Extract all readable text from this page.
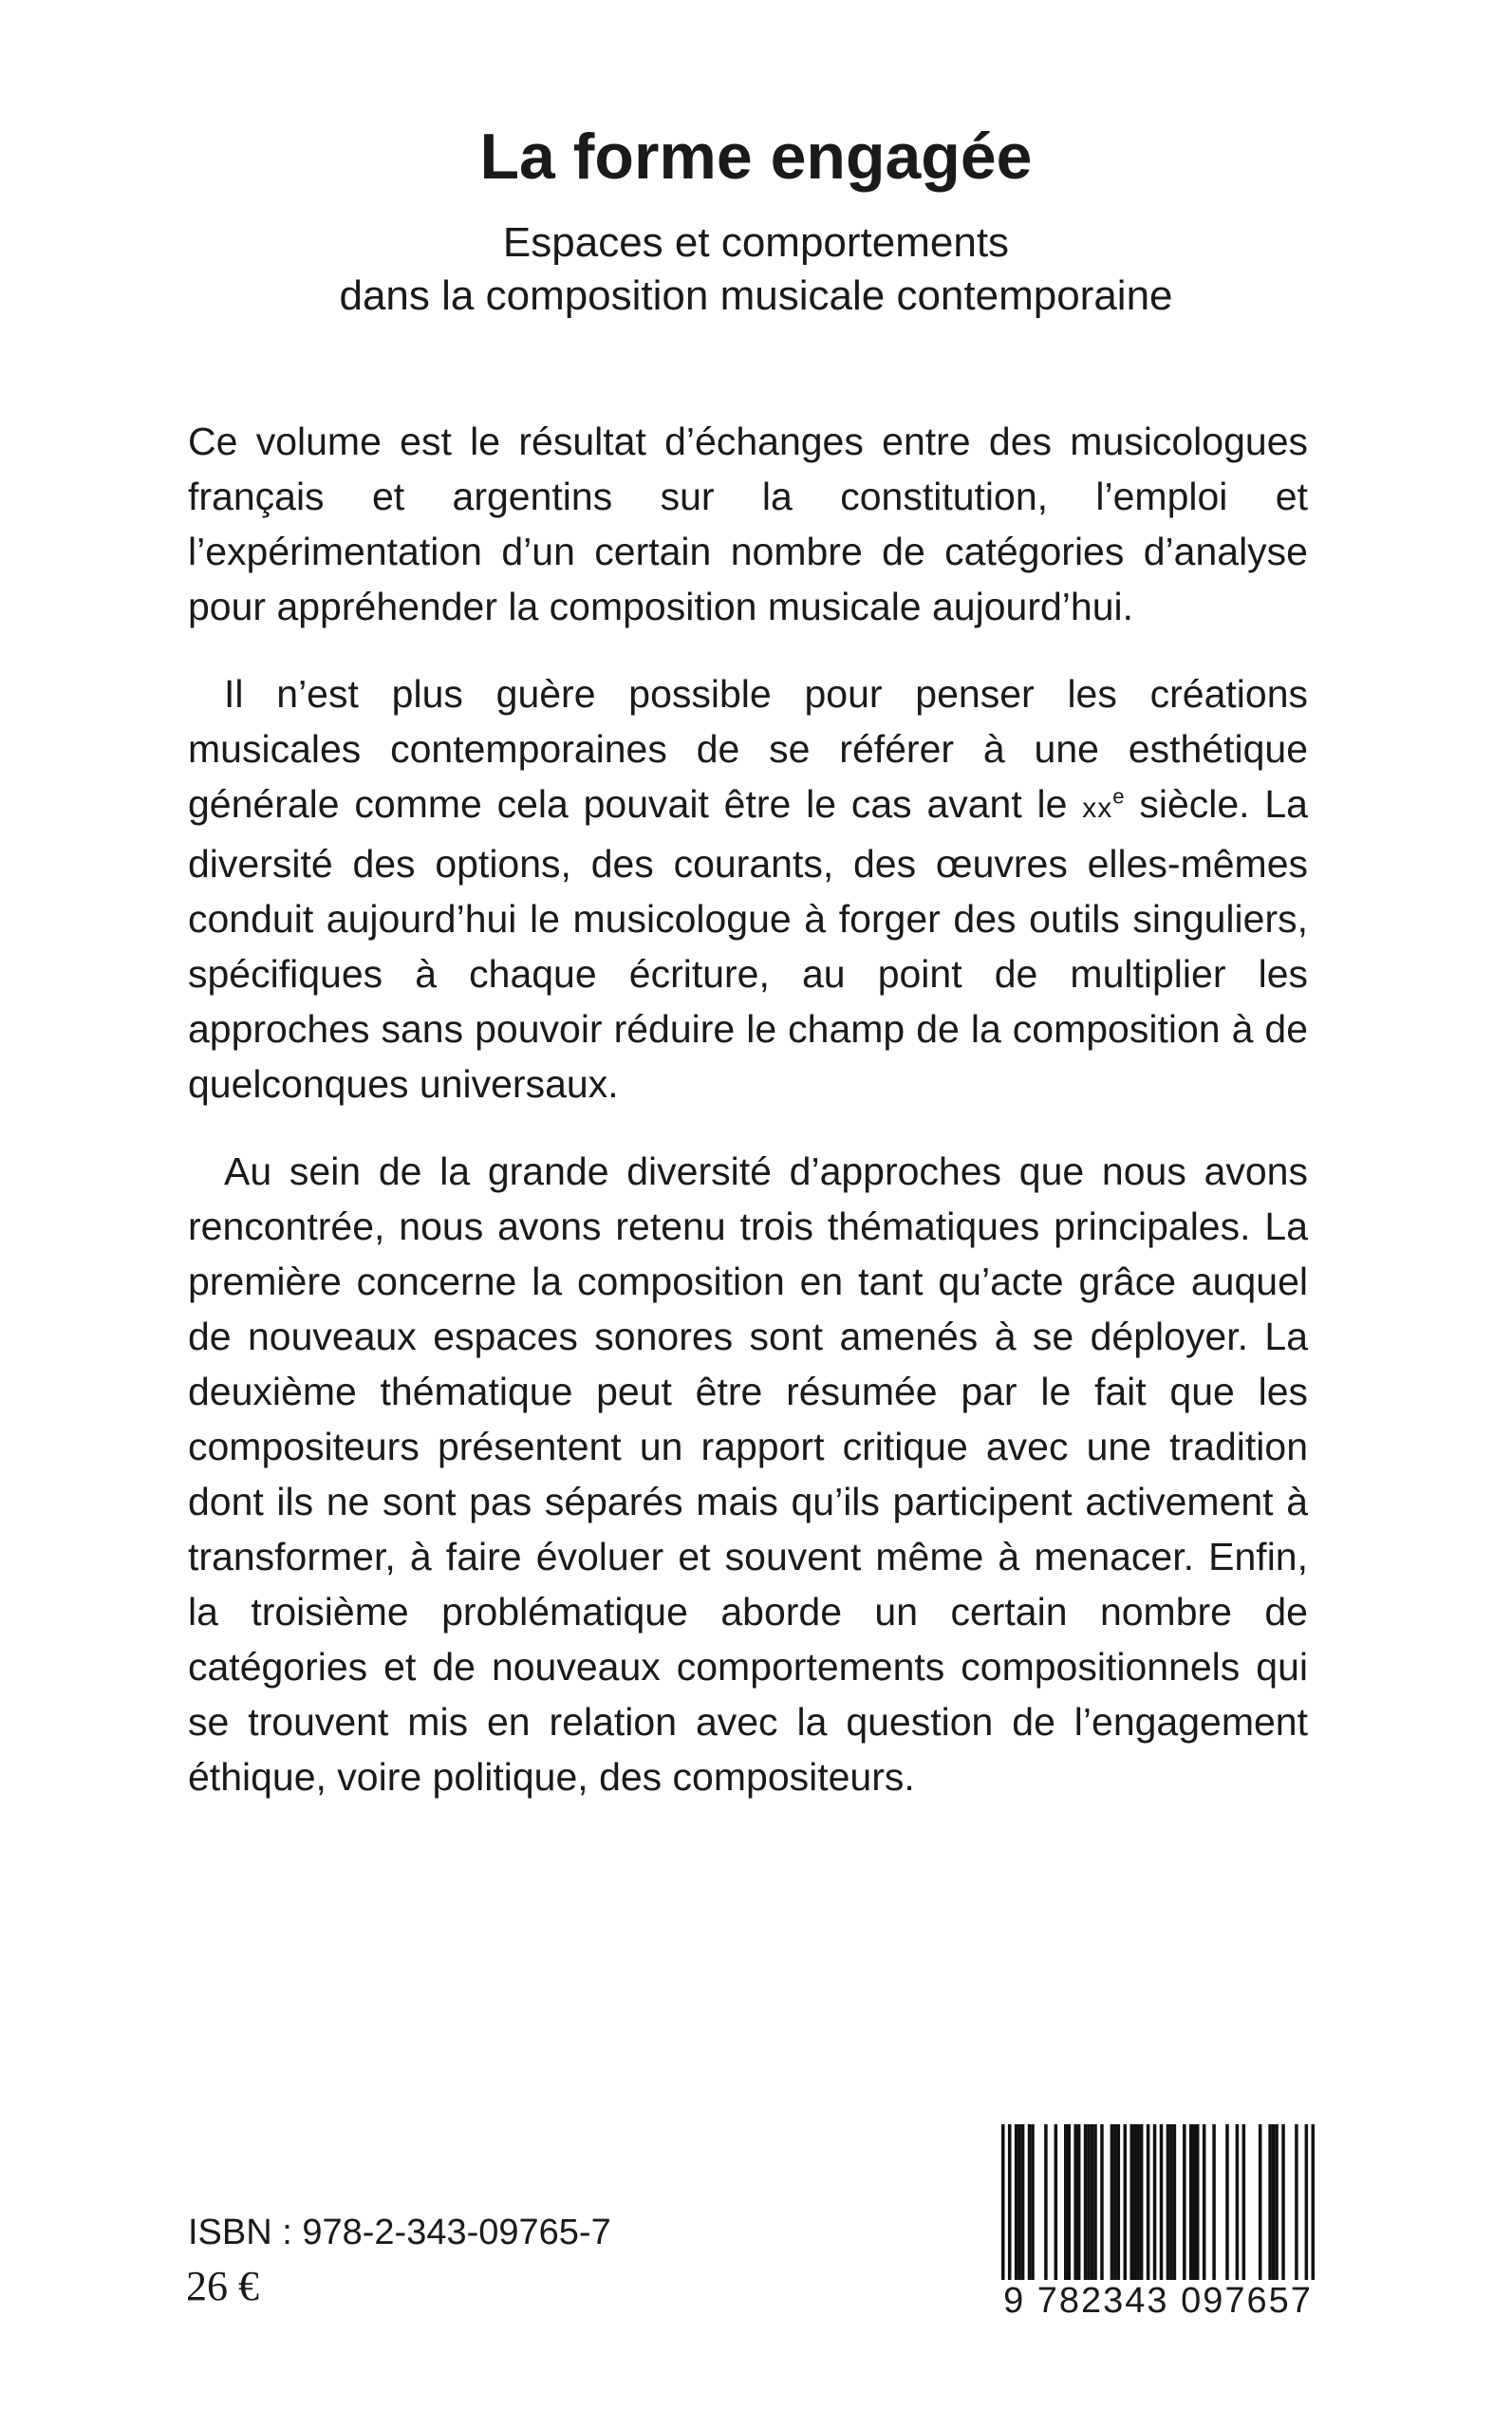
La forme engagée
Espaces et comportements
dans la composition musicale contemporaine

Ce volume est le résultat d’échanges entre des musicologues français et argentins sur la constitution, l’emploi et l’expérimentation d’un certain nombre de catégories d’analyse pour appréhender la composition musicale aujourd’hui.

Il n’est plus guère possible pour penser les créations musicales contemporaines de se référer à une esthétique générale comme cela pouvait être le cas avant le $xx^e$ siècle. La diversité des options, des courants, des œuvres elles-mêmes conduit aujourd’hui le musicologue à forger des outils singuliers, spécifiques à chaque écriture, au point de multiplier les approches sans pouvoir réduire le champ de la composition à de quelconques universaux.

Au sein de la grande diversité d’approches que nous avons rencontrée, nous avons retenu trois thématiques principales. La première concerne la composition en tant qu’acte grâce auquel de nouveaux espaces sonores sont amenés à se déployer. La deuxième thématique peut être résumée par le fait que les compositeurs présentent un rapport critique avec une tradition dont ils ne sont pas séparés mais qu’ils participent activement à transformer, à faire évoluer et souvent même à menacer. Enfin, la troisième problématique aborde un certain nombre de catégories et de nouveaux comportements compositionnels qui se trouvent mis en relation avec la question de l’engagement éthique, voire politique, des compositeurs.

ISBN : 978-2-343-09765-7

26 €	9 782343 097657
